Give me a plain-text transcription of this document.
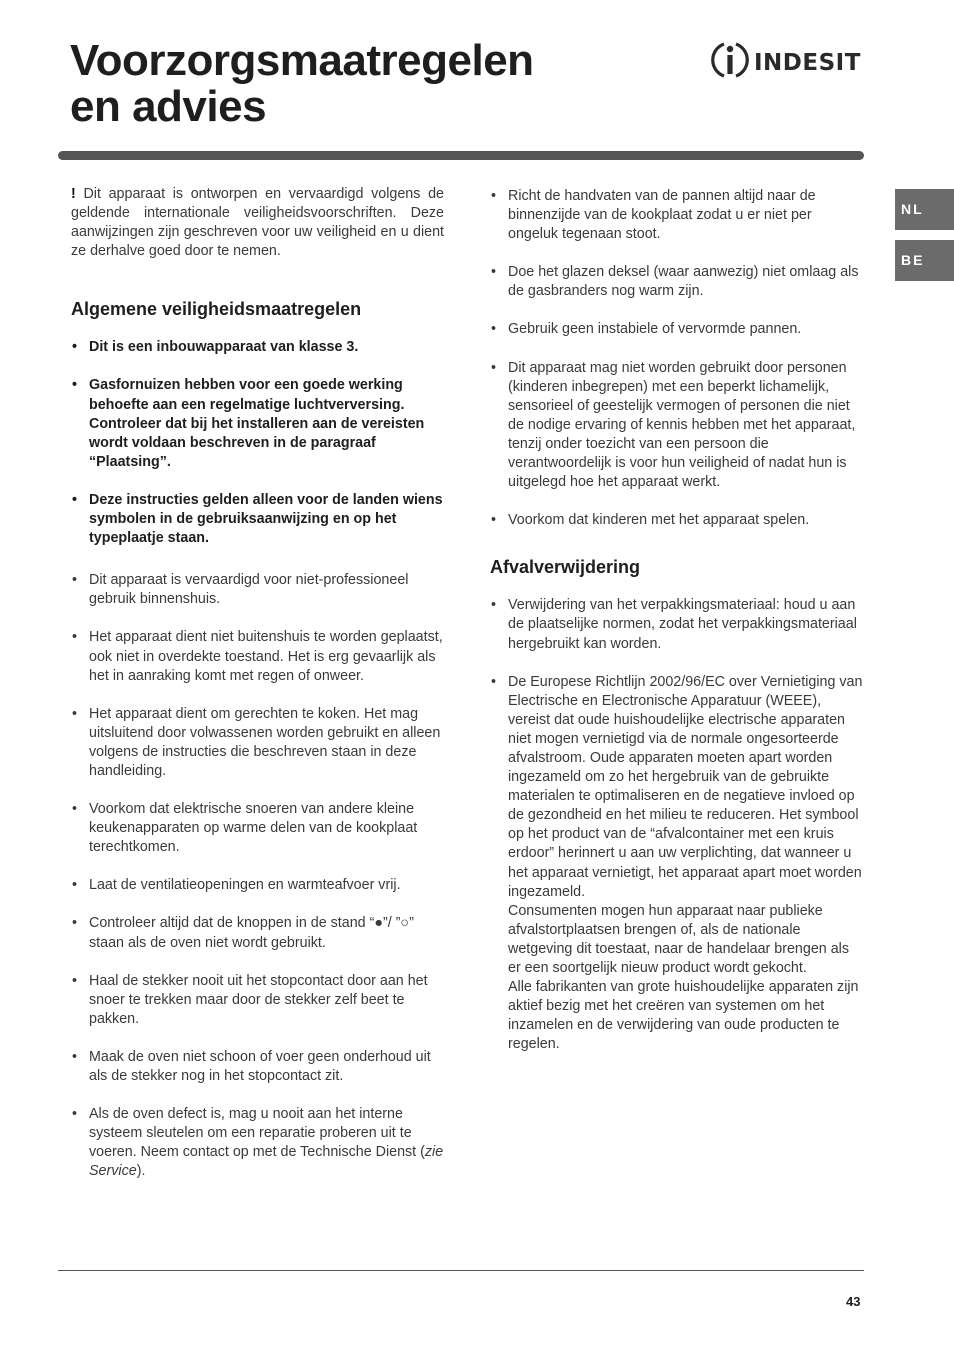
Voorzorgsmaatregelen
en advies
INDESIT
NL
BE

! Dit apparaat is ontworpen en vervaardigd volgens de geldende internationale veiligheidsvoorschriften. Deze aanwijzingen zijn geschreven voor uw veiligheid en u dient ze derhalve goed door te nemen.

Algemene veiligheidsmaatregelen
• Dit is een inbouwapparaat van klasse 3.
• Gasfornuizen hebben voor een goede werking behoefte aan een regelmatige luchtverversing. Controleer dat bij het installeren aan de vereisten wordt voldaan beschreven in de paragraaf “Plaatsing”.
• Deze instructies gelden alleen voor de landen wiens symbolen in de gebruiksaanwijzing en op het typeplaatje staan.
• Dit apparaat is vervaardigd voor niet-professioneel gebruik binnenshuis.
• Het apparaat dient niet buitenshuis te worden geplaatst, ook niet in overdekte toestand. Het is erg gevaarlijk als het in aanraking komt met regen of onweer.
• Het apparaat dient om gerechten te koken. Het mag uitsluitend door volwassenen worden gebruikt en alleen volgens de instructies die beschreven staan in deze handleiding.
• Voorkom dat elektrische snoeren van andere kleine keukenapparaten op warme delen van de kookplaat terechtkomen.
• Laat de ventilatieopeningen en warmteafvoer vrij.
• Controleer altijd dat de knoppen in de stand “●”/ ”○” staan als de oven niet wordt gebruikt.
• Haal de stekker nooit uit het stopcontact door aan het snoer te trekken maar door de stekker zelf beet te pakken.
• Maak de oven niet schoon of voer geen onderhoud uit als de stekker nog in het stopcontact zit.
• Als de oven defect is, mag u nooit aan het interne systeem sleutelen om een reparatie proberen uit te voeren. Neem contact op met de Technische Dienst (zie Service).
• Richt de handvaten van de pannen altijd naar de binnenzijde van de kookplaat zodat u er niet per ongeluk tegenaan stoot.
• Doe het glazen deksel (waar aanwezig) niet omlaag als de gasbranders nog warm zijn.
• Gebruik geen instabiele of vervormde pannen.
• Dit apparaat mag niet worden gebruikt door personen (kinderen inbegrepen) met een beperkt lichamelijk, sensorieel of geestelijk vermogen of personen die niet de nodige ervaring of kennis hebben met het apparaat, tenzij onder toezicht van een persoon die verantwoordelijk is voor hun veiligheid of nadat hun is uitgelegd hoe het apparaat werkt.
• Voorkom dat kinderen met het apparaat spelen.
Afvalverwijdering
• Verwijdering van het verpakkingsmateriaal: houd u aan de plaatselijke normen, zodat het verpakkingsmateriaal hergebruikt kan worden.
• De Europese Richtlijn 2002/96/EC over Vernietiging van Electrische en Electronische Apparatuur (WEEE), vereist dat oude huishoudelijke electrische apparaten niet mogen vernietigd via de normale ongesorteerde afvalstroom. Oude apparaten moeten apart worden ingezameld om zo het hergebruik van de gebruikte materialen te optimaliseren en de negatieve invloed op de gezondheid en het milieu te reduceren. Het symbool op het product van de “afvalcontainer met een kruis erdoor” herinnert u aan uw verplichting, dat wanneer u het apparaat vernietigt, het apparaat apart moet worden ingezameld.
Consumenten mogen hun apparaat naar publieke afvalstortplaatsen brengen of, als de nationale wetgeving dit toestaat, naar de handelaar brengen als er een soortgelijk nieuw product wordt gekocht.
Alle fabrikanten van grote huishoudelijke apparaten zijn aktief bezig met het creëren van systemen om het inzamelen en de verwijdering van oude producten te regelen.
43
